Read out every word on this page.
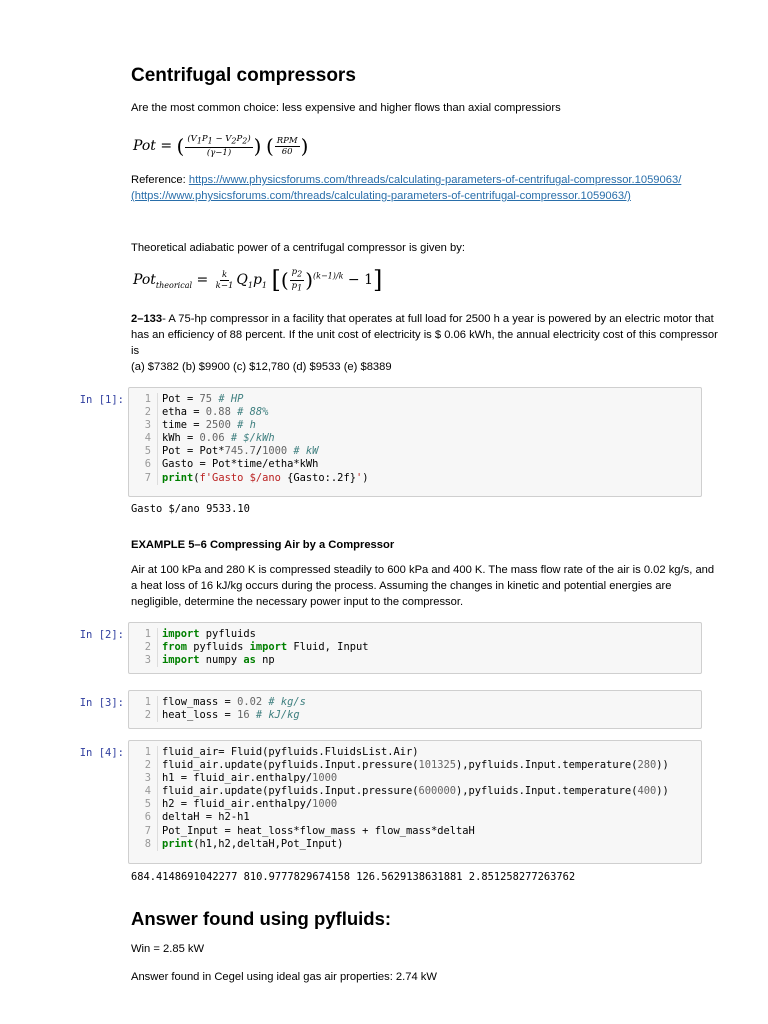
Centrifugal compressors

Are the most common choice: less expensive and higher flows than axial compressiors

Pot = ( $\frac{(V_1P_1 - V_2P_2)}{(\gamma-1)}$ ) ( $\frac{\text{RPM}}{60}$ )

Reference: https://www.physicsforums.com/threads/calculating-parameters-of-centrifugal-compressor.1059063/ (https://www.physicsforums.com/threads/calculating-parameters-of-centrifugal-compressor.1059063/)

Theoretical adiabatic power of a centrifugal compressor is given by:

$Pot_{theorical} = \frac{k}{k-1} Q_1p_1$ [( $\frac{p_2}{p_1} )^{(k-1)/k} - 1$]

2–133- A 75-hp compressor in a facility that operates at full load for 2500 h a year is powered by an electric motor that has an efficiency of 88 percent. If the unit cost of electricity is $ 0.06 kWh, the annual electricity cost of this compressor is

(a) $7382 (b) $9900 (c) $12,780 (d) $9533 (e) $8389

In [1]:	1	Pot = 75 # HP
2	etha = 0.88 # 88%
3	time = 2500 # h
4	kWh = 0.06 # $/kWh
5	Pot = Pot*745.7/1000 # kW
6	Gasto = Pot*time/etha*kWh
7	print(f'Gasto $/ano {Gasto:.2f}')
Gasto $/ano 9533.10

EXAMPLE 5–6 Compressing Air by a Compressor

Air at 100 kPa and 280 K is compressed steadily to 600 kPa and 400 K. The mass flow rate of the air is 0.02 kg/s, and a heat loss of 16 kJ/kg occurs during the process. Assuming the changes in kinetic and potential energies are negligible, determine the necessary power input to the compressor.

In [2]:	1	import pyfluids
2	from pyfluids import Fluid, Input
3	import numpy as np
In [3]:	1	flow_mass = 0.02 # kg/s
2	heat_loss = 16 # kJ/kg
In [4]:	1	fluid_air= Fluid(pyfluids.FluidsList.Air)
2	fluid_air.update(pyfluids.Input.pressure(101325),pyfluids.Input.temperature(280))
3	h1 = fluid_air.enthalpy/1000
4	fluid_air.update(pyfluids.Input.pressure(600000),pyfluids.Input.temperature(400))
5	h2 = fluid_air.enthalpy/1000
6	deltaH = h2-h1
7	Pot_Input = heat_loss*flow_mass + flow_mass*deltaH
8	print(h1,h2,deltaH,Pot_Input)
684.4148691042277 810.9777829674158 126.5629138631881 2.851258277263762
Answer found using pyfluids:

Win = 2.85 kW

Answer found in Cegel using ideal gas air properties: 2.74 kW
